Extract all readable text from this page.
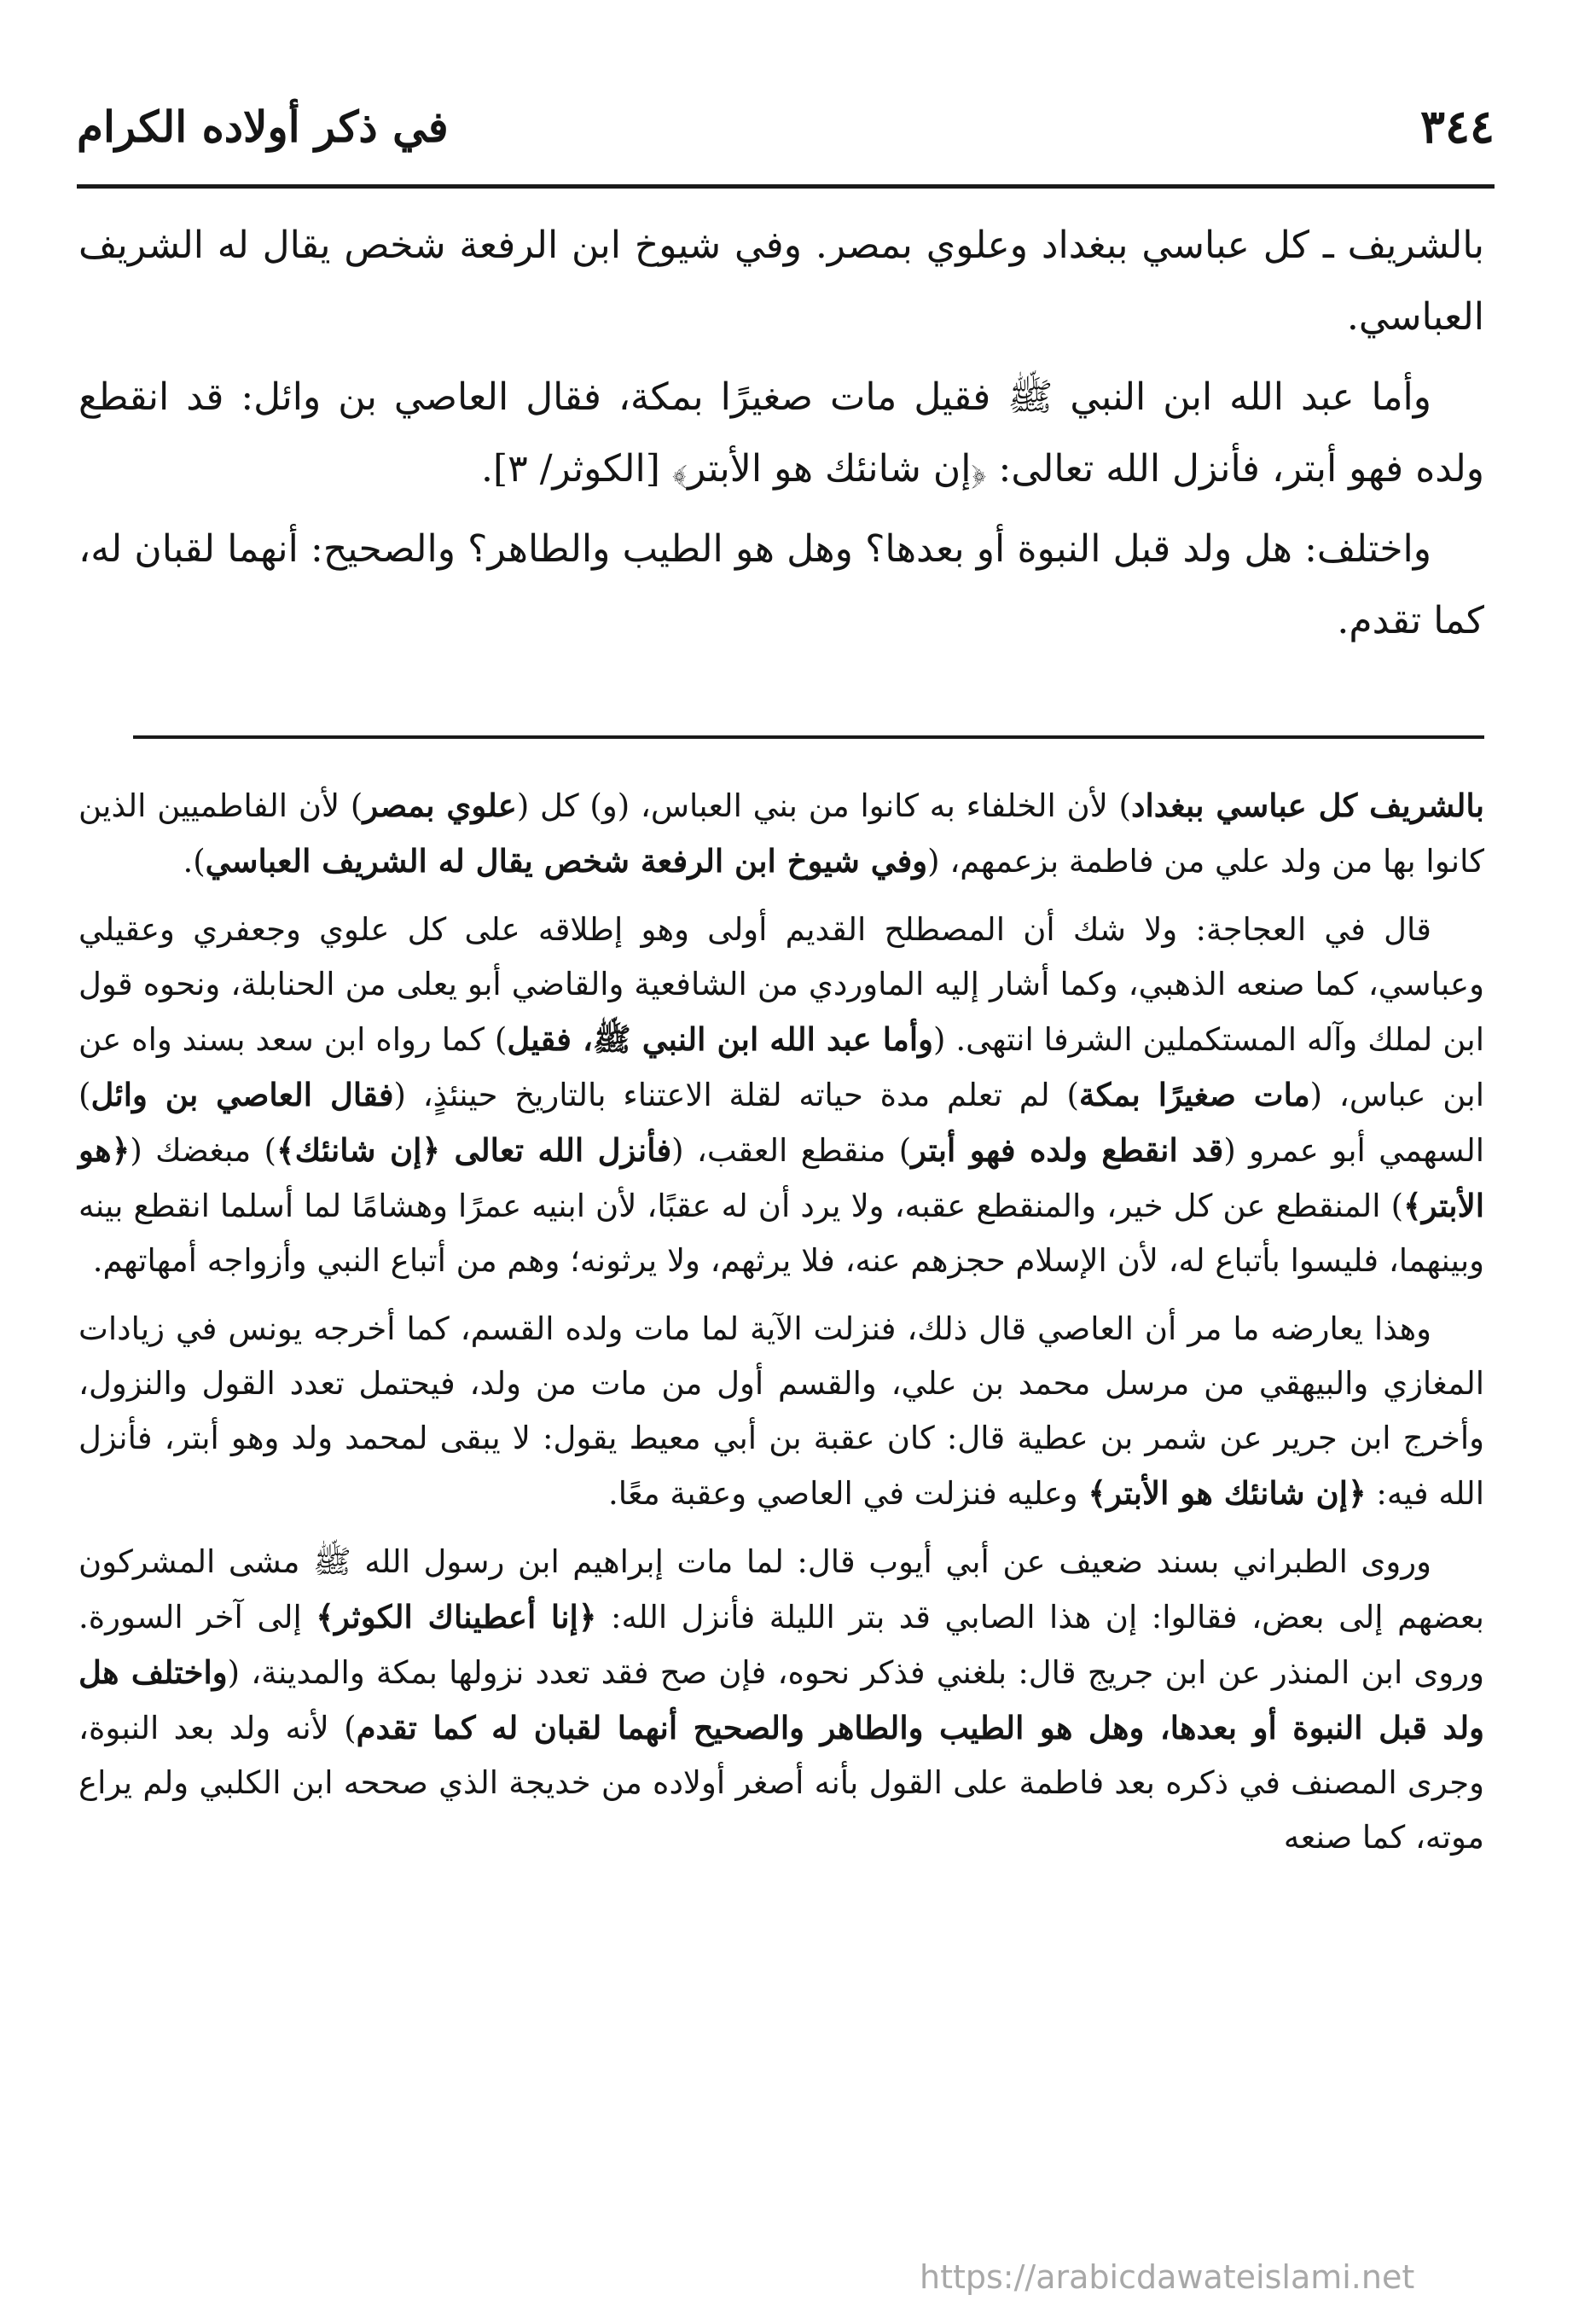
٣٤٤
في ذكر أولاده الكرام

بالشريف ـ كل عباسي ببغداد وعلوي بمصر. وفي شيوخ ابن الرفعة شخص يقال له الشريف العباسي.

وأما عبد الله ابن النبي ﷺ فقيل مات صغيرًا بمكة، فقال العاصي بن وائل: قد انقطع ولده فهو أبتر، فأنزل الله تعالى: ﴿إن شانئك هو الأبتر﴾ [الكوثر/ ٣].

واختلف: هل ولد قبل النبوة أو بعدها؟ وهل هو الطيب والطاهر؟ والصحيح: أنهما لقبان له، كما تقدم.

بالشريف كل عباسي ببغداد) لأن الخلفاء به كانوا من بني العباس، (و) كل (علوي بمصر) لأن الفاطميين الذين كانوا بها من ولد علي من فاطمة بزعمهم، (وفي شيوخ ابن الرفعة شخص يقال له الشريف العباسي).

قال في العجاجة: ولا شك أن المصطلح القديم أولى وهو إطلاقه على كل علوي وجعفري وعقيلي وعباسي، كما صنعه الذهبي، وكما أشار إليه الماوردي من الشافعية والقاضي أبو يعلى من الحنابلة، ونحوه قول ابن لملك وآله المستكملين الشرفا انتهى. (وأما عبد الله ابن النبي ﷺ، فقيل) كما رواه ابن سعد بسند واه عن ابن عباس، (مات صغيرًا بمكة) لم تعلم مدة حياته لقلة الاعتناء بالتاريخ حينئذٍ، (فقال العاصي بن وائل) السهمي أبو عمرو (قد انقطع ولده فهو أبتر) منقطع العقب، (فأنزل الله تعالى ﴿إن شانئك﴾) مبغضك (﴿هو الأبتر﴾) المنقطع عن كل خير، والمنقطع عقبه، ولا يرد أن له عقبًا، لأن ابنيه عمرًا وهشامًا لما أسلما انقطع بينه وبينهما، فليسوا بأتباع له، لأن الإسلام حجزهم عنه، فلا يرثهم، ولا يرثونه؛ وهم من أتباع النبي وأزواجه أمهاتهم.

وهذا يعارضه ما مر أن العاصي قال ذلك، فنزلت الآية لما مات ولده القسم، كما أخرجه يونس في زيادات المغازي والبيهقي من مرسل محمد بن علي، والقسم أول من مات من ولد، فيحتمل تعدد القول والنزول، وأخرج ابن جرير عن شمر بن عطية قال: كان عقبة بن أبي معيط يقول: لا يبقى لمحمد ولد وهو أبتر، فأنزل الله فيه: ﴿إن شانئك هو الأبتر﴾ وعليه فنزلت في العاصي وعقبة معًا.

وروى الطبراني بسند ضعيف عن أبي أيوب قال: لما مات إبراهيم ابن رسول الله ﷺ مشى المشركون بعضهم إلى بعض، فقالوا: إن هذا الصابي قد بتر الليلة فأنزل الله: ﴿إنا أعطيناك الكوثر﴾ إلى آخر السورة. وروى ابن المنذر عن ابن جريج قال: بلغني فذكر نحوه، فإن صح فقد تعدد نزولها بمكة والمدينة، (واختلف هل ولد قبل النبوة أو بعدها، وهل هو الطيب والطاهر والصحيح أنهما لقبان له كما تقدم) لأنه ولد بعد النبوة، وجرى المصنف في ذكره بعد فاطمة على القول بأنه أصغر أولاده من خديجة الذي صححه ابن الكلبي ولم يراع موته، كما صنعه

https://arabicdawateislami.net
